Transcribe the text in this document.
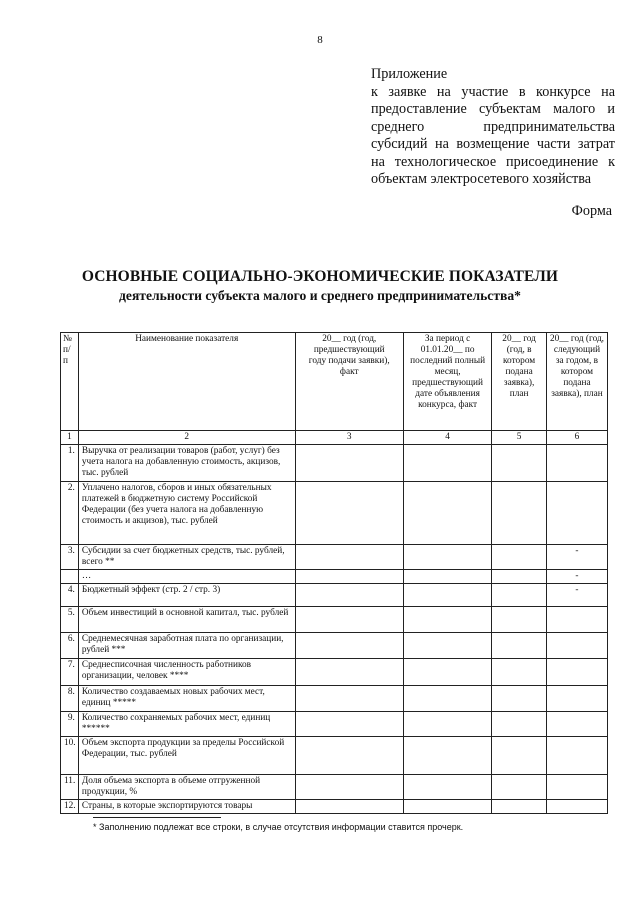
8
Приложение
к заявке на участие в конкурсе на предоставление субъектам малого и среднего предпринимательства субсидий на возмещение части затрат на технологическое присоединение к объектам электросетевого хозяйства
Форма
ОСНОВНЫЕ СОЦИАЛЬНО-ЭКОНОМИЧЕСКИЕ ПОКАЗАТЕЛИ
деятельности субъекта малого и среднего предпринимательства*
№ п/п	Наименование показателя	20__ год (год, предшествующий году подачи заявки), факт	За период с 01.01.20__ по последний полный месяц, предшествующий дате объявления конкурса, факт	20__ год (год, в котором подана заявка), план	20__ год (год, следующий за годом, в котором подана заявка), план
1	2	3	4	5	6
1.	Выручка от реализации товаров (работ, услуг) без учета налога на добавленную стоимость, акцизов, тыс. рублей				
2.	Уплачено налогов, сборов и иных обязательных платежей в бюджетную систему Российской Федерации (без учета налога на добавленную стоимость и акцизов), тыс. рублей				
3.	Субсидии за счет бюджетных средств, тыс. рублей, всего **				-
	…				-
4.	Бюджетный эффект (стр. 2 / стр. 3)				-
5.	Объем инвестиций в основной капитал, тыс. рублей				
6.	Среднемесячная заработная плата по организации, рублей ***				
7.	Среднесписочная численность работников организации, человек ****				
8.	Количество создаваемых новых рабочих мест, единиц *****				
9.	Количество сохраняемых рабочих мест, единиц ******				
10.	Объем экспорта продукции за пределы Российской Федерации, тыс. рублей				
11.	Доля объема экспорта в объеме отгруженной продукции, %				
12.	Страны, в которые экспортируются товары				
* Заполнению подлежат все строки, в случае отсутствия информации ставится прочерк.
